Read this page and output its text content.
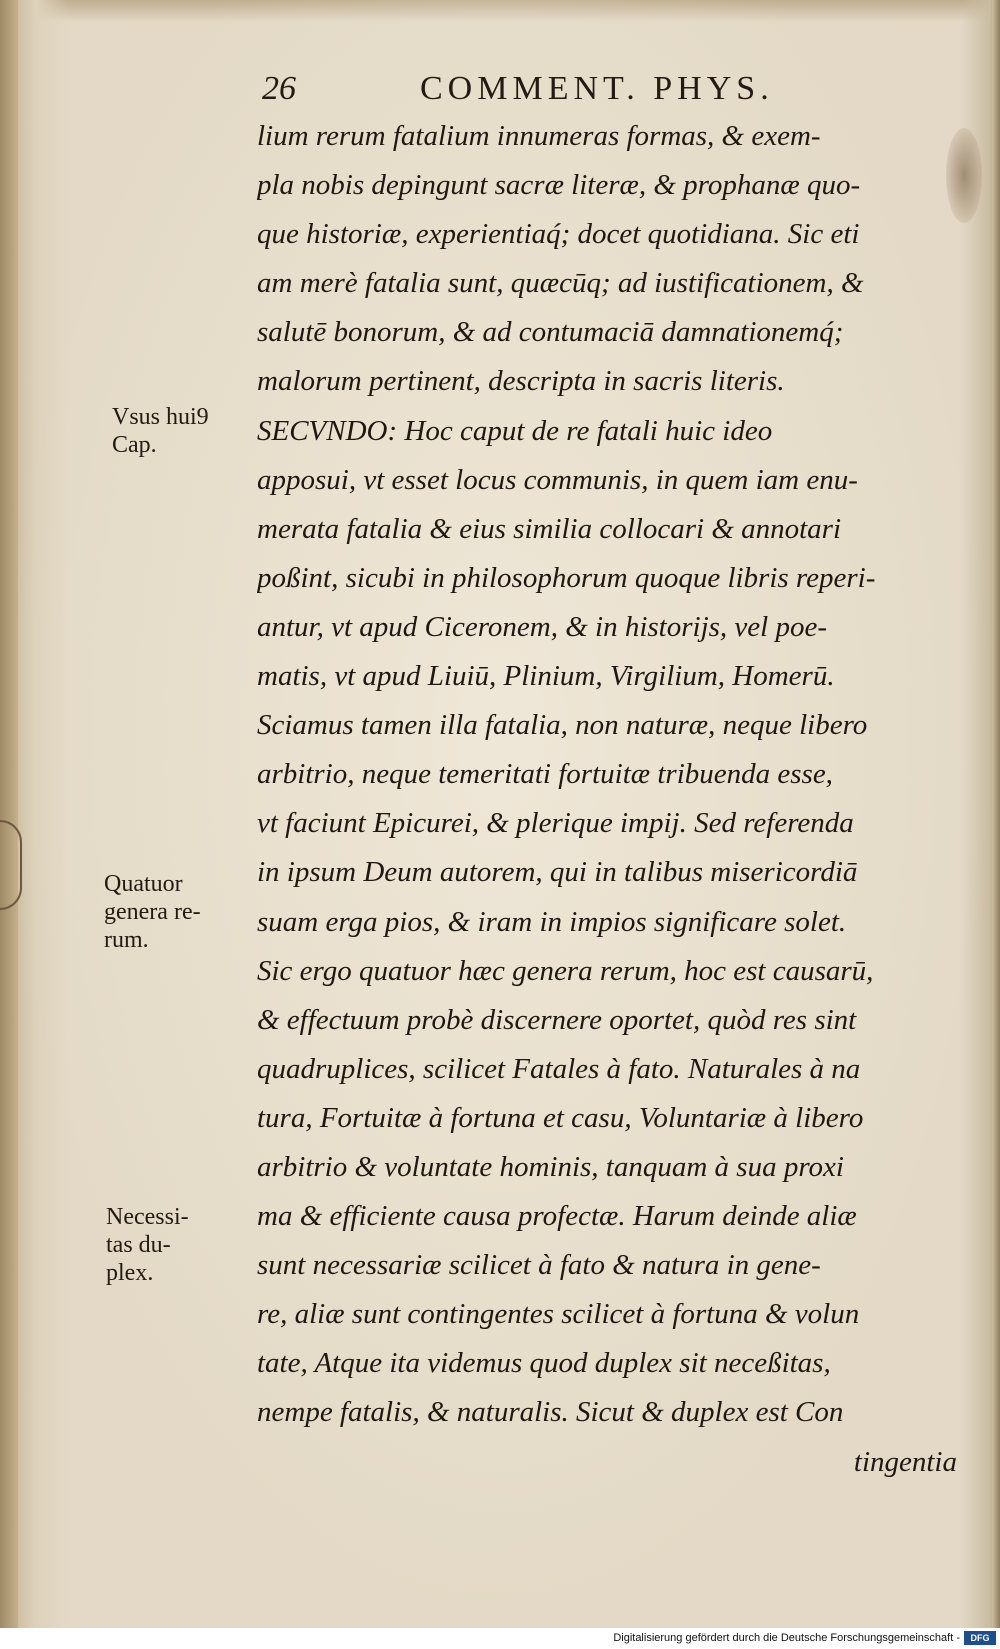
26	COMMENT. PHYS.
lium rerum fatalium innumeras formas, & exem-
pla nobis depingunt sacræ literæ, & prophanæ quo-
que historiæ, experientiaq́; docet quotidiana. Sic eti
am merè fatalia sunt, quæcūq; ad iustificationem, &
salutē bonorum, & ad contumaciā damnationemq́;
malorum pertinent, descripta in sacris literis.
SECVNDO: Hoc caput de re fatali huic ideo
apposui, vt esset locus communis, in quem iam enu-
merata fatalia & eius similia collocari & annotari
poßint, sicubi in philosophorum quoque libris reperi-
antur, vt apud Ciceronem, & in historijs, vel poe-
matis, vt apud Liuiū, Plinium, Virgilium, Homerū.
Sciamus tamen illa fatalia, non naturæ, neque libero
arbitrio, neque temeritati fortuitæ tribuenda esse,
vt faciunt Epicurei, & plerique impij. Sed referenda
in ipsum Deum autorem, qui in talibus misericordiā
suam erga pios, & iram in impios significare solet.
Sic ergo quatuor hæc genera rerum, hoc est causarū,
& effectuum probè discernere oportet, quòd res sint
quadruplices, scilicet Fatales à fato. Naturales à na
tura, Fortuitæ à fortuna et casu, Voluntariæ à libero
arbitrio & voluntate hominis, tanquam à sua proxi
ma & efficiente causa profectæ. Harum deinde aliæ
sunt necessariæ scilicet à fato & natura in gene-
re, aliæ sunt contingentes scilicet à fortuna & volun
tate, Atque ita videmus quod duplex sit neceßitas,
nempe fatalis, & naturalis. Sicut & duplex est Con
tingentia
Vsus hui9
Cap.
Quatuor
genera re-
rum.
Necessi-
tas du-
plex.
Digitalisierung gefördert durch die Deutsche Forschungsgemeinschaft -	DFG
